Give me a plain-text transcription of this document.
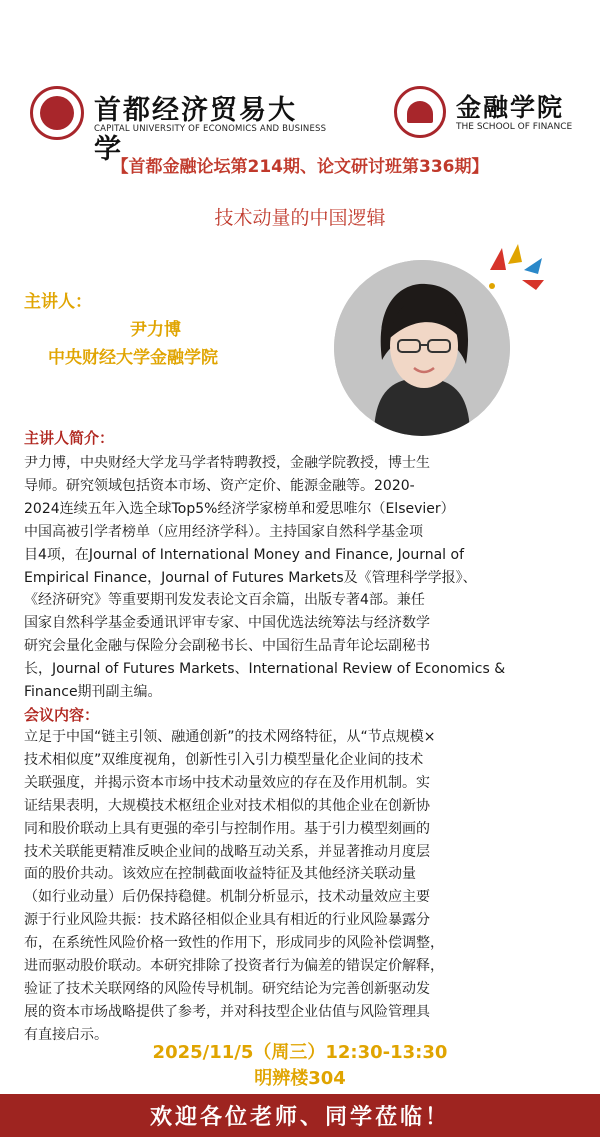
首都经济贸易大学
CAPITAL UNIVERSITY OF ECONOMICS AND BUSINESS
金融学院
THE SCHOOL OF FINANCE
【首都金融论坛第214期、论文研讨班第336期】
技术动量的中国逻辑
主讲人：
尹力博
中央财经大学金融学院
主讲人简介：

尹力博，中央财经大学龙马学者特聘教授，金融学院教授，博士生
导师。研究领域包括资本市场、资产定价、能源金融等。2020-
2024连续五年入选全球Top5%经济学家榜单和爱思唯尔（Elsevier）
中国高被引学者榜单（应用经济学科）。主持国家自然科学基金项
目4项，在Journal of International Money and Finance, Journal of
Empirical Finance，Journal of Futures Markets及《管理科学学报》、
《经济研究》等重要期刊发发表论文百余篇，出版专著4部。兼任
国家自然科学基金委通讯评审专家、中国优选法统筹法与经济数学
研究会量化金融与保险分会副秘书长、中国衍生品青年论坛副秘书
长，Journal of Futures Markets、International Review of Economics &
Finance期刊副主编。

会议内容：

立足于中国“链主引领、融通创新”的技术网络特征，从“节点规模×
技术相似度”双维度视角，创新性引入引力模型量化企业间的技术
关联强度，并揭示资本市场中技术动量效应的存在及作用机制。实
证结果表明，大规模技术枢纽企业对技术相似的其他企业在创新协
同和股价联动上具有更强的牵引与控制作用。基于引力模型刻画的
技术关联能更精准反映企业间的战略互动关系，并显著推动月度层
面的股价共动。该效应在控制截面收益特征及其他经济关联动量
（如行业动量）后仍保持稳健。机制分析显示，技术动量效应主要
源于行业风险共振：技术路径相似企业具有相近的行业风险暴露分
布，在系统性风险价格一致性的作用下，形成同步的风险补偿调整，
进而驱动股价联动。本研究排除了投资者行为偏差的错误定价解释，
验证了技术关联网络的风险传导机制。研究结论为完善创新驱动发
展的资本市场战略提供了参考，并对科技型企业估值与风险管理具
有直接启示。

2025/11/5（周三）12:30-13:30
明辨楼304
欢迎各位老师、同学莅临！
